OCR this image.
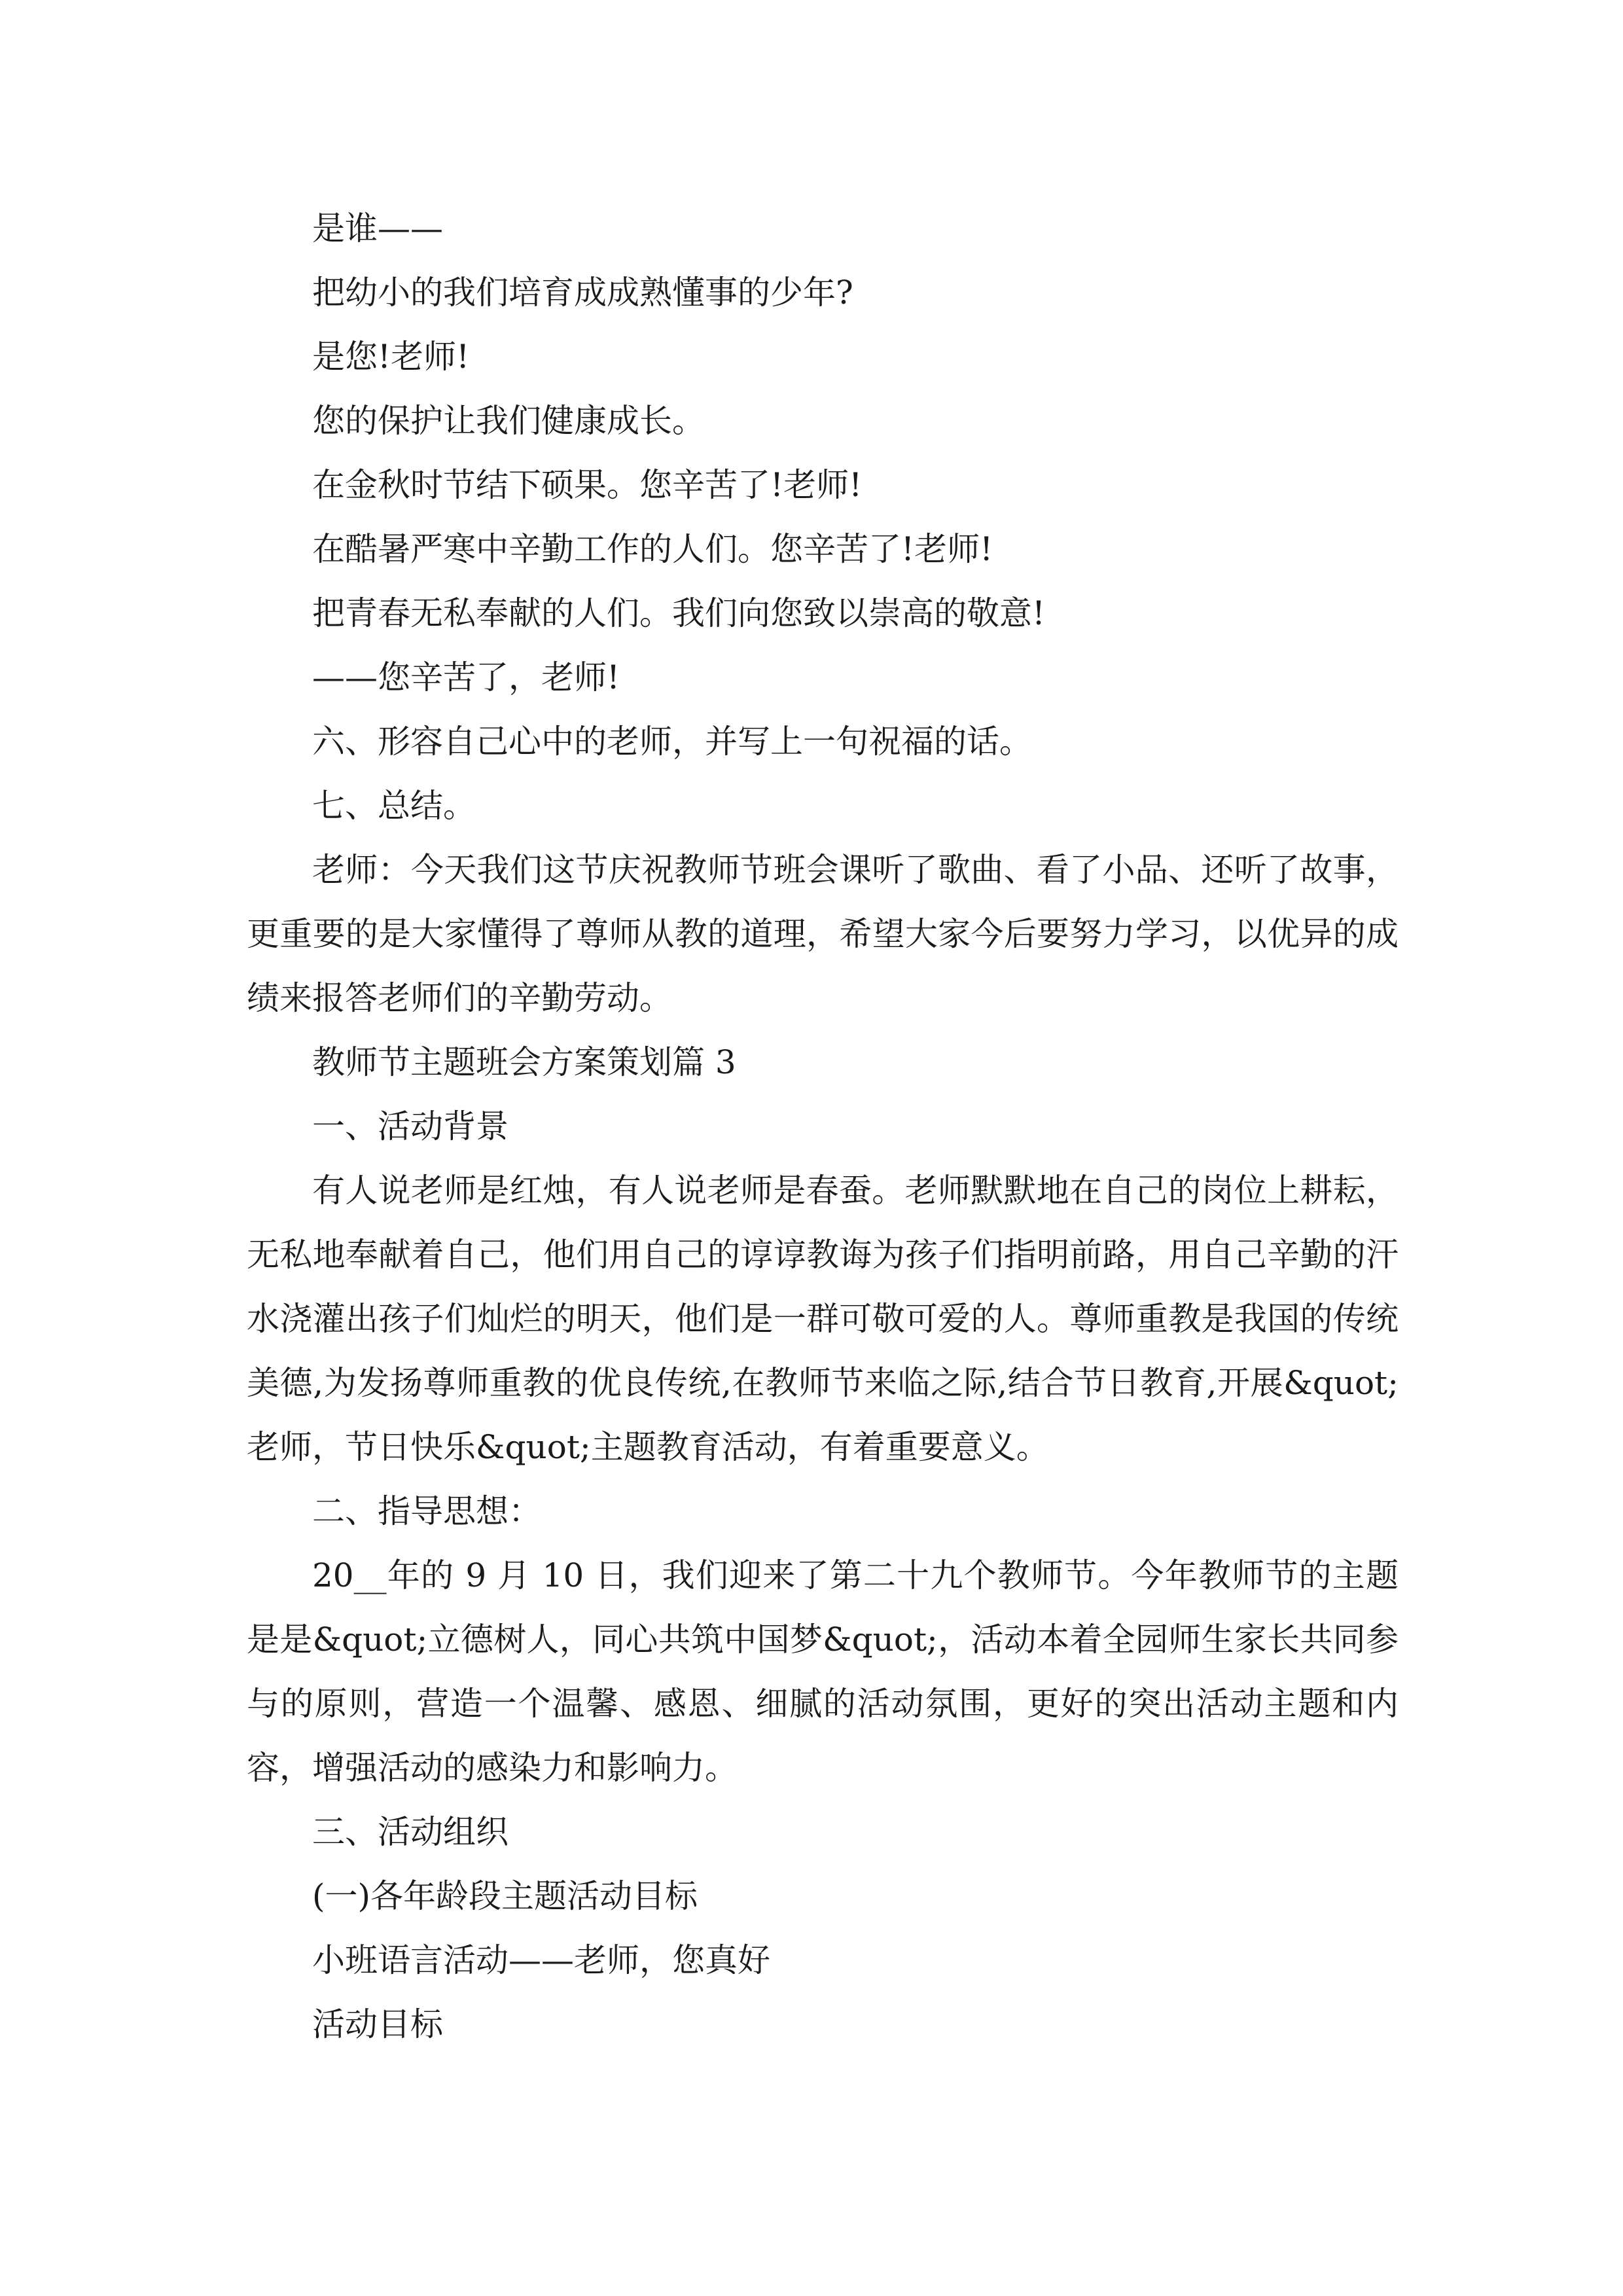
是谁——

把幼小的我们培育成成熟懂事的少年?

是您!老师!

您的保护让我们健康成长。

在金秋时节结下硕果。您辛苦了!老师!

在酷暑严寒中辛勤工作的人们。您辛苦了!老师!

把青春无私奉献的人们。我们向您致以崇高的敬意!

——您辛苦了，老师!

六、形容自己心中的老师，并写上一句祝福的话。

七、总结。

老师：今天我们这节庆祝教师节班会课听了歌曲、看了小品、还听了故事，更重要的是大家懂得了尊师从教的道理，希望大家今后要努力学习，以优异的成绩来报答老师们的辛勤劳动。

教师节主题班会方案策划篇 3

一、活动背景

有人说老师是红烛，有人说老师是春蚕。老师默默地在自己的岗位上耕耘，无私地奉献着自己，他们用自己的谆谆教诲为孩子们指明前路，用自己辛勤的汗水浇灌出孩子们灿烂的明天，他们是一群可敬可爱的人。尊师重教是我国的传统美德,为发扬尊师重教的优良传统,在教师节来临之际,结合节日教育,开展&quot;老师，节日快乐&quot;主题教育活动，有着重要意义。

二、指导思想：

20__年的 9 月 10 日，我们迎来了第二十九个教师节。今年教师节的主题是是&quot;立德树人，同心共筑中国梦&quot;，活动本着全园师生家长共同参与的原则，营造一个温馨、感恩、细腻的活动氛围，更好的突出活动主题和内容，增强活动的感染力和影响力。

三、活动组织

(一)各年龄段主题活动目标

小班语言活动——老师，您真好

活动目标
